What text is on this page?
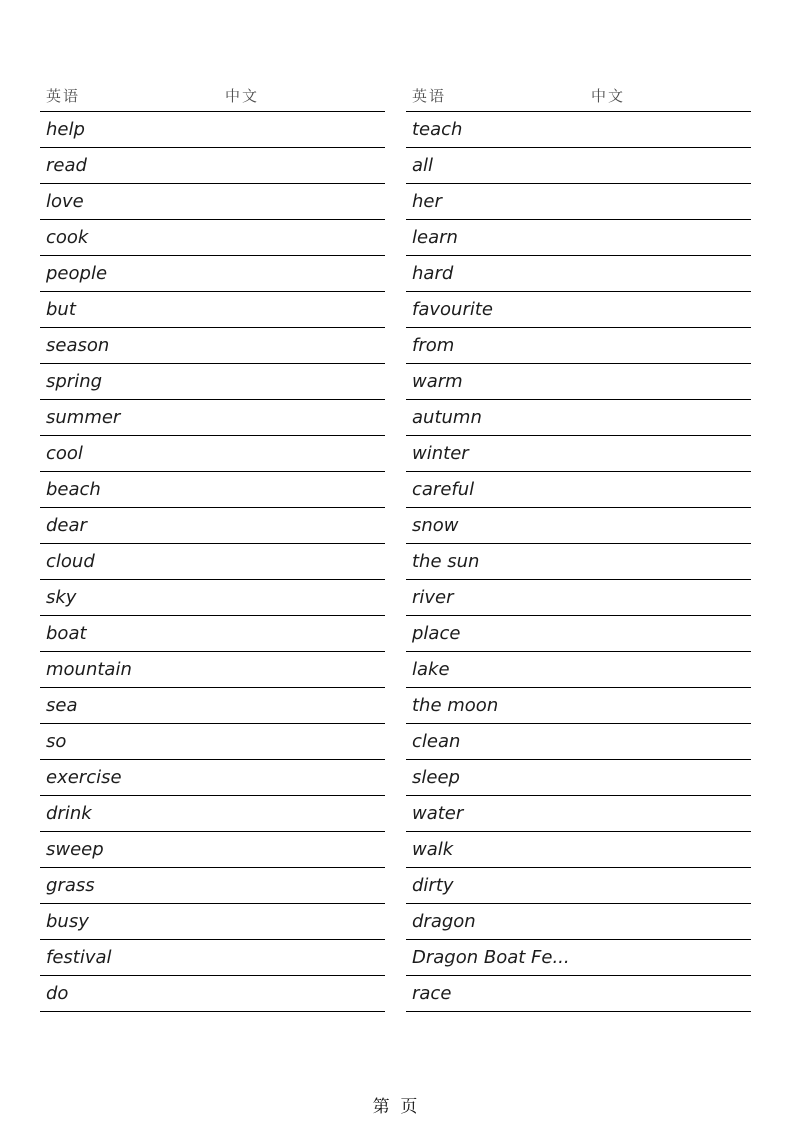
英语	中文
help
read
love
cook
people
but
season
spring
summer
cool
beach
dear
cloud
sky
boat
mountain
sea
so
exercise
drink
sweep
grass
busy
festival
do
英语	中文
teach
all
her
learn
hard
favourite
from
warm
autumn
winter
careful
snow
the sun
river
place
lake
the moon
clean
sleep
water
walk
dirty
dragon
Dragon Boat Fe...
race
第 页
